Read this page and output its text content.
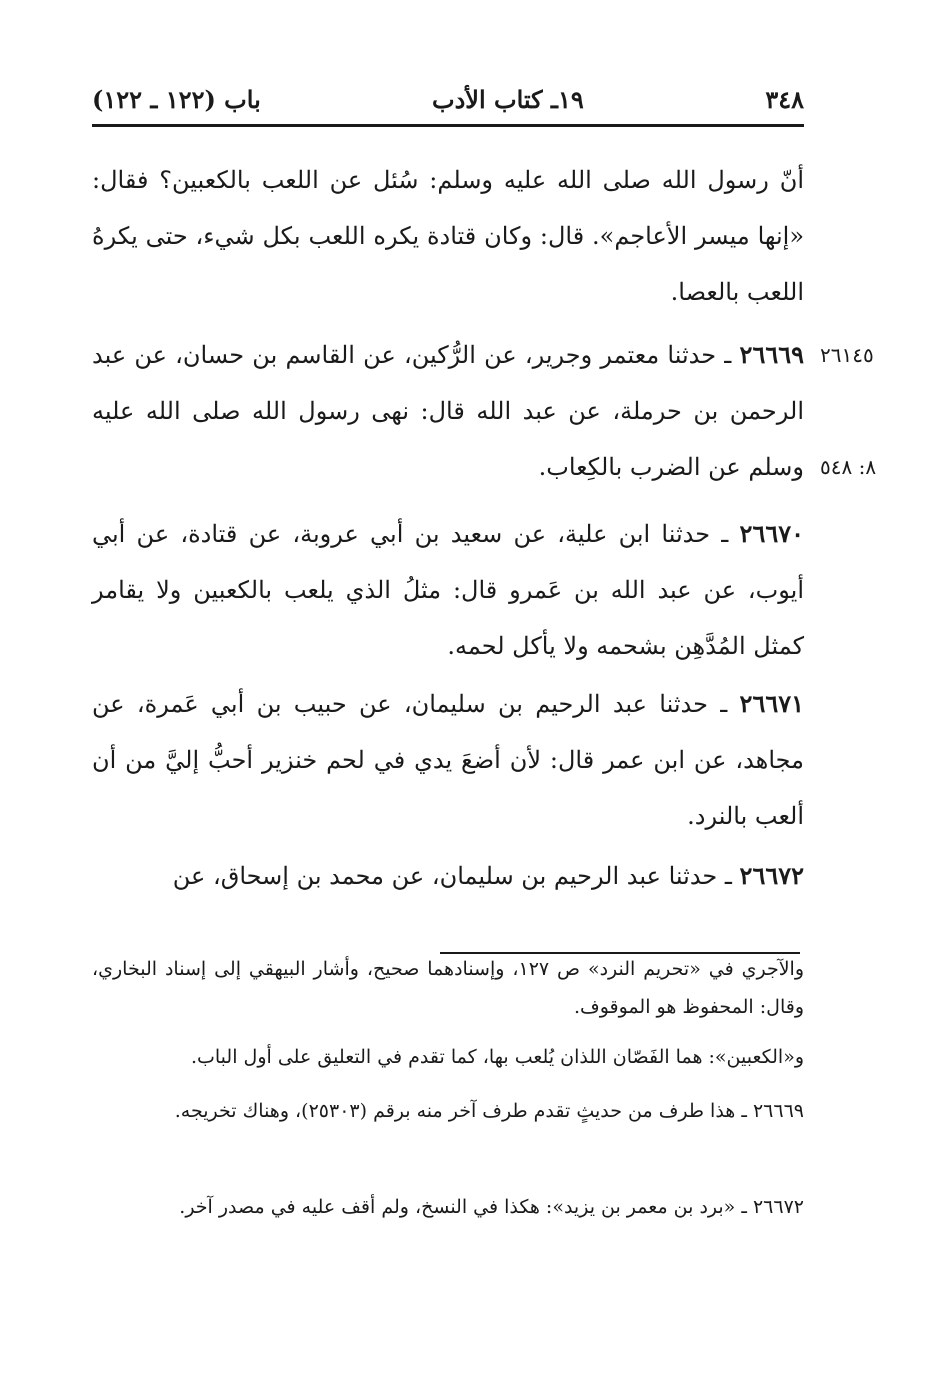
٣٤٨
١٩ـ كتاب الأدب
باب (١٢٢ ـ ١٢٢)

أنّ رسول الله صلى الله عليه وسلم: سُئل عن اللعب بالكعبين؟ فقال: «إنها ميسر الأعاجم». قال: وكان قتادة يكره اللعب بكل شيء، حتى يكرهُ اللعب بالعصا.

٢٦٦٦٩ ـ حدثنا معتمر وجرير، عن الرُّكين، عن القاسم بن حسان، عن عبد الرحمن بن حرملة، عن عبد الله قال: نهى رسول الله صلى الله عليه وسلم عن الضرب بالكِعاب.

٢٦١٤٥
٨: ٥٤٨

٢٦٦٧٠ ـ حدثنا ابن علية، عن سعيد بن أبي عروبة، عن قتادة، عن أبي أيوب، عن عبد الله بن عَمرو قال: مثلُ الذي يلعب بالكعبين ولا يقامر كمثل المُدَّهِن بشحمه ولا يأكل لحمه.

٢٦٦٧١ ـ حدثنا عبد الرحيم بن سليمان، عن حبيب بن أبي عَمرة، عن مجاهد، عن ابن عمر قال: لأن أضعَ يدي في لحم خنزير أحبُّ إليَّ من أن ألعب بالنرد.

٢٦٦٧٢ ـ حدثنا عبد الرحيم بن سليمان، عن محمد بن إسحاق، عن

والآجري في «تحريم النرد» ص ١٢٧، وإسنادهما صحيح، وأشار البيهقي إلى إسناد البخاري، وقال: المحفوظ هو الموقوف.

و«الكعبين»: هما الفَصّان اللذان يُلعب بها، كما تقدم في التعليق على أول الباب.

٢٦٦٦٩ ـ هذا طرف من حديثٍ تقدم طرف آخر منه برقم (٢٥٣٠٣)، وهناك تخريجه.

٢٦٦٧٢ ـ «برد بن معمر بن يزيد»: هكذا في النسخ، ولم أقف عليه في مصدر آخر.
